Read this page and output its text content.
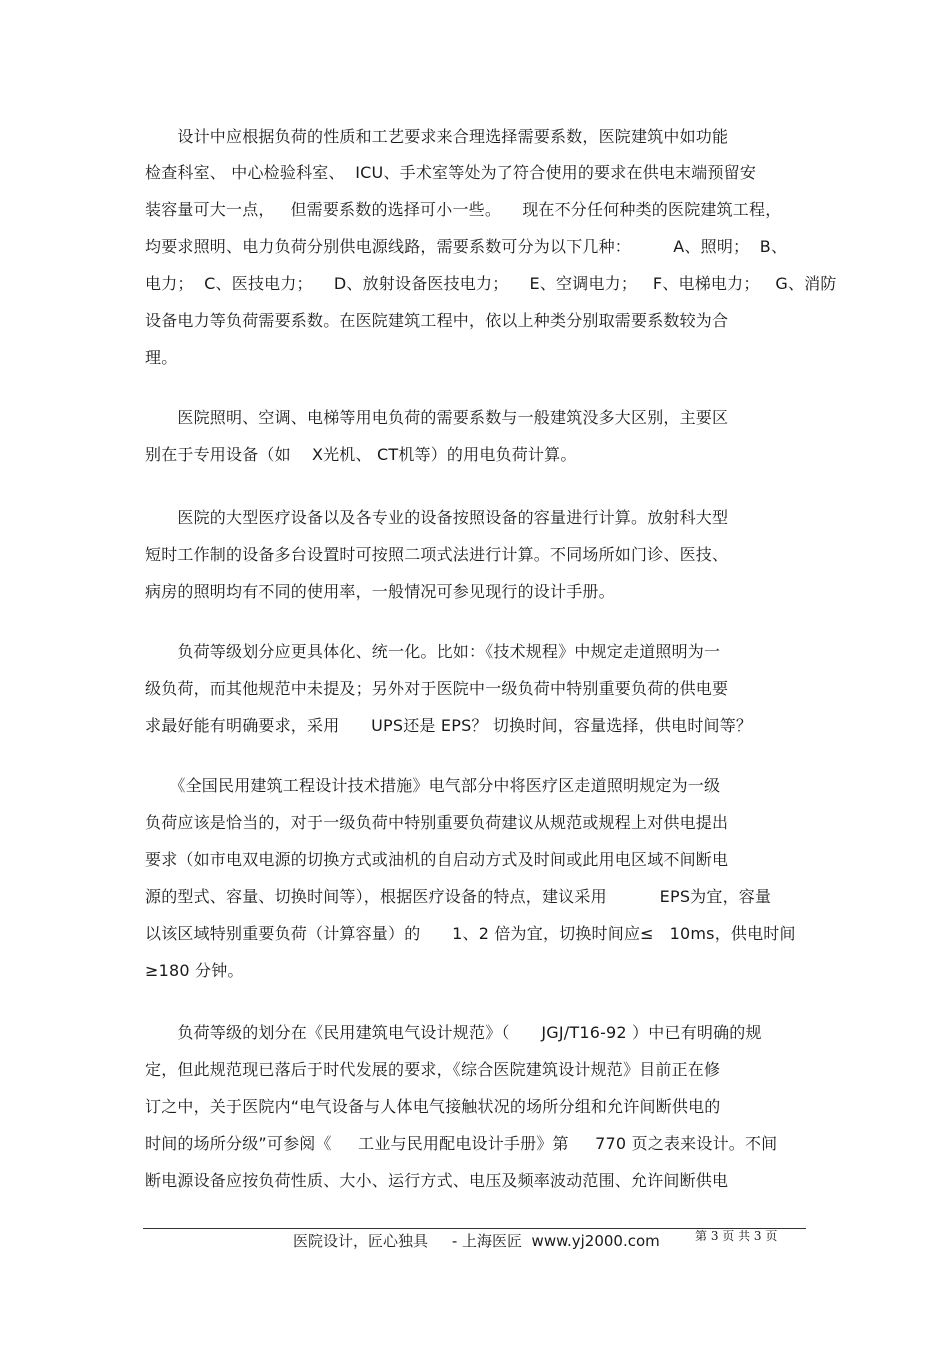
　　设计中应根据负荷的性质和工艺要求来合理选择需要系数，医院建筑中如功能
检查科室、 中心检验科室、  ICU、手术室等处为了符合使用的要求在供电末端预留安
装容量可大一点，   但需要系数的选择可小一些。    现在不分任何种类的医院建筑工程，
均要求照明、电力负荷分别供电源线路，需要系数可分为以下几种：        A、照明；  B、
电力；  C、医技电力；    D、放射设备医技电力；    E、空调电力；   F、电梯电力；   G、消防
设备电力等负荷需要系数。在医院建筑工程中，依以上种类分别取需要系数较为合
理。
　　医院照明、空调、电梯等用电负荷的需要系数与一般建筑没多大区别，主要区
别在于专用设备（如    X光机、 CT机等）的用电负荷计算。
　　医院的大型医疗设备以及各专业的设备按照设备的容量进行计算。放射科大型
短时工作制的设备多台设置时可按照二项式法进行计算。不同场所如门诊、医技、
病房的照明均有不同的使用率，一般情况可参见现行的设计手册。
　　负荷等级划分应更具体化、统一化。比如：《技术规程》中规定走道照明为一
级负荷，而其他规范中未提及；另外对于医院中一级负荷中特别重要负荷的供电要
求最好能有明确要求，采用      UPS还是 EPS？ 切换时间，容量选择，供电时间等？
　　《全国民用建筑工程设计技术措施》电气部分中将医疗区走道照明规定为一级
负荷应该是恰当的，对于一级负荷中特别重要负荷建议从规范或规程上对供电提出
要求（如市电双电源的切换方式或油机的自启动方式及时间或此用电区域不间断电
源的型式、容量、切换时间等），根据医疗设备的特点，建议采用          EPS为宜，容量
以该区域特别重要负荷（计算容量）的      1、2 倍为宜，切换时间应≤   10ms，供电时间
≥180 分钟。
　　负荷等级的划分在《民用建筑电气设计规范》（      JGJ/T16-92 ）中已有明确的规
定，但此规范现已落后于时代发展的要求，《综合医院建筑设计规范》目前正在修
订之中，关于医院内“电气设备与人体电气接触状况的场所分组和允许间断供电的
时间的场所分级”可参阅《     工业与民用配电设计手册》第     770 页之表来设计。不间
断电源设备应按负荷性质、大小、运行方式、电压及频率波动范围、允许间断供电
医院设计，匠心独具     - 上海医匠  www.yj2000.com	第 3 页 共 3 页
